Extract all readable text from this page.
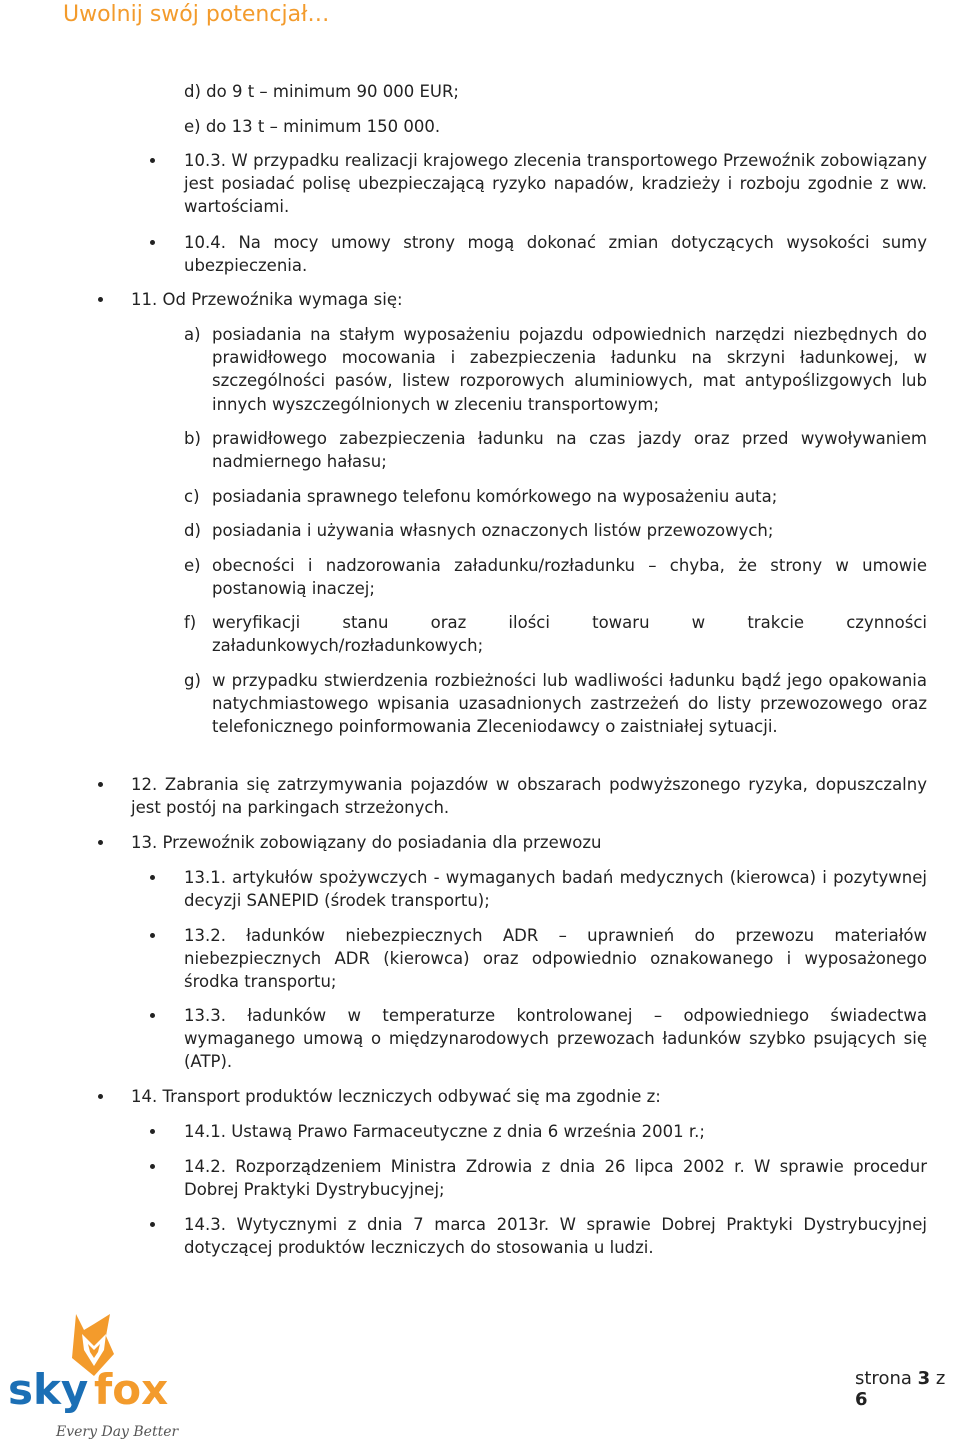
Uwolnij swój potencjał…
d) do 9 t – minimum 90 000 EUR;
e) do 13 t – minimum 150 000.
10.3. W przypadku realizacji krajowego zlecenia transportowego Przewoźnik zobowiązany jest posiadać polisę ubezpieczającą ryzyko napadów, kradzieży i rozboju zgodnie z ww. wartościami.
10.4. Na mocy umowy strony mogą dokonać zmian dotyczących wysokości sumy ubezpieczenia.
11. Od Przewoźnika wymaga się:
a) posiadania na stałym wyposażeniu pojazdu odpowiednich narzędzi niezbędnych do prawidłowego mocowania i zabezpieczenia ładunku na skrzyni ładunkowej, w szczególności pasów, listew rozporowych aluminiowych, mat antypoślizgowych lub innych wyszczególnionych w zleceniu transportowym;
b) prawidłowego zabezpieczenia ładunku na czas jazdy oraz przed wywoływaniem nadmiernego hałasu;
c) posiadania sprawnego telefonu komórkowego na wyposażeniu auta;
d) posiadania i używania własnych oznaczonych listów przewozowych;
e) obecności i nadzorowania załadunku/rozładunku – chyba, że strony w umowie postanowią inaczej;
f) weryfikacji stanu oraz ilości towaru w trakcie czynności załadunkowych/rozładunkowych;
g) w przypadku stwierdzenia rozbieżności lub wadliwości ładunku bądź jego opakowania natychmiastowego wpisania uzasadnionych zastrzeżeń do listy przewozowego oraz telefonicznego poinformowania Zleceniodawcy o zaistniałej sytuacji.
12. Zabrania się zatrzymywania pojazdów w obszarach podwyższonego ryzyka, dopuszczalny jest postój na parkingach strzeżonych.
13. Przewoźnik zobowiązany do posiadania dla przewozu
13.1. artykułów spożywczych - wymaganych badań medycznych (kierowca) i pozytywnej decyzji SANEPID (środek transportu);
13.2. ładunków niebezpiecznych ADR – uprawnień do przewozu materiałów niebezpiecznych ADR (kierowca) oraz odpowiednio oznakowanego i wyposażonego środka transportu;
13.3. ładunków w temperaturze kontrolowanej – odpowiedniego świadectwa wymaganego umową o międzynarodowych przewozach ładunków szybko psujących się (ATP).
14. Transport produktów leczniczych odbywać się ma zgodnie z:
14.1. Ustawą Prawo Farmaceutyczne z dnia 6 września 2001 r.;
14.2. Rozporządzeniem Ministra Zdrowia z dnia 26 lipca 2002 r. W sprawie procedur Dobrej Praktyki Dystrybucyjnej;
14.3. Wytycznymi z dnia 7 marca 2013r. W sprawie Dobrej Praktyki Dystrybucyjnej dotyczącej produktów leczniczych do stosowania u ludzi.
sky fox
Every Day Better
strona 3 z 6
